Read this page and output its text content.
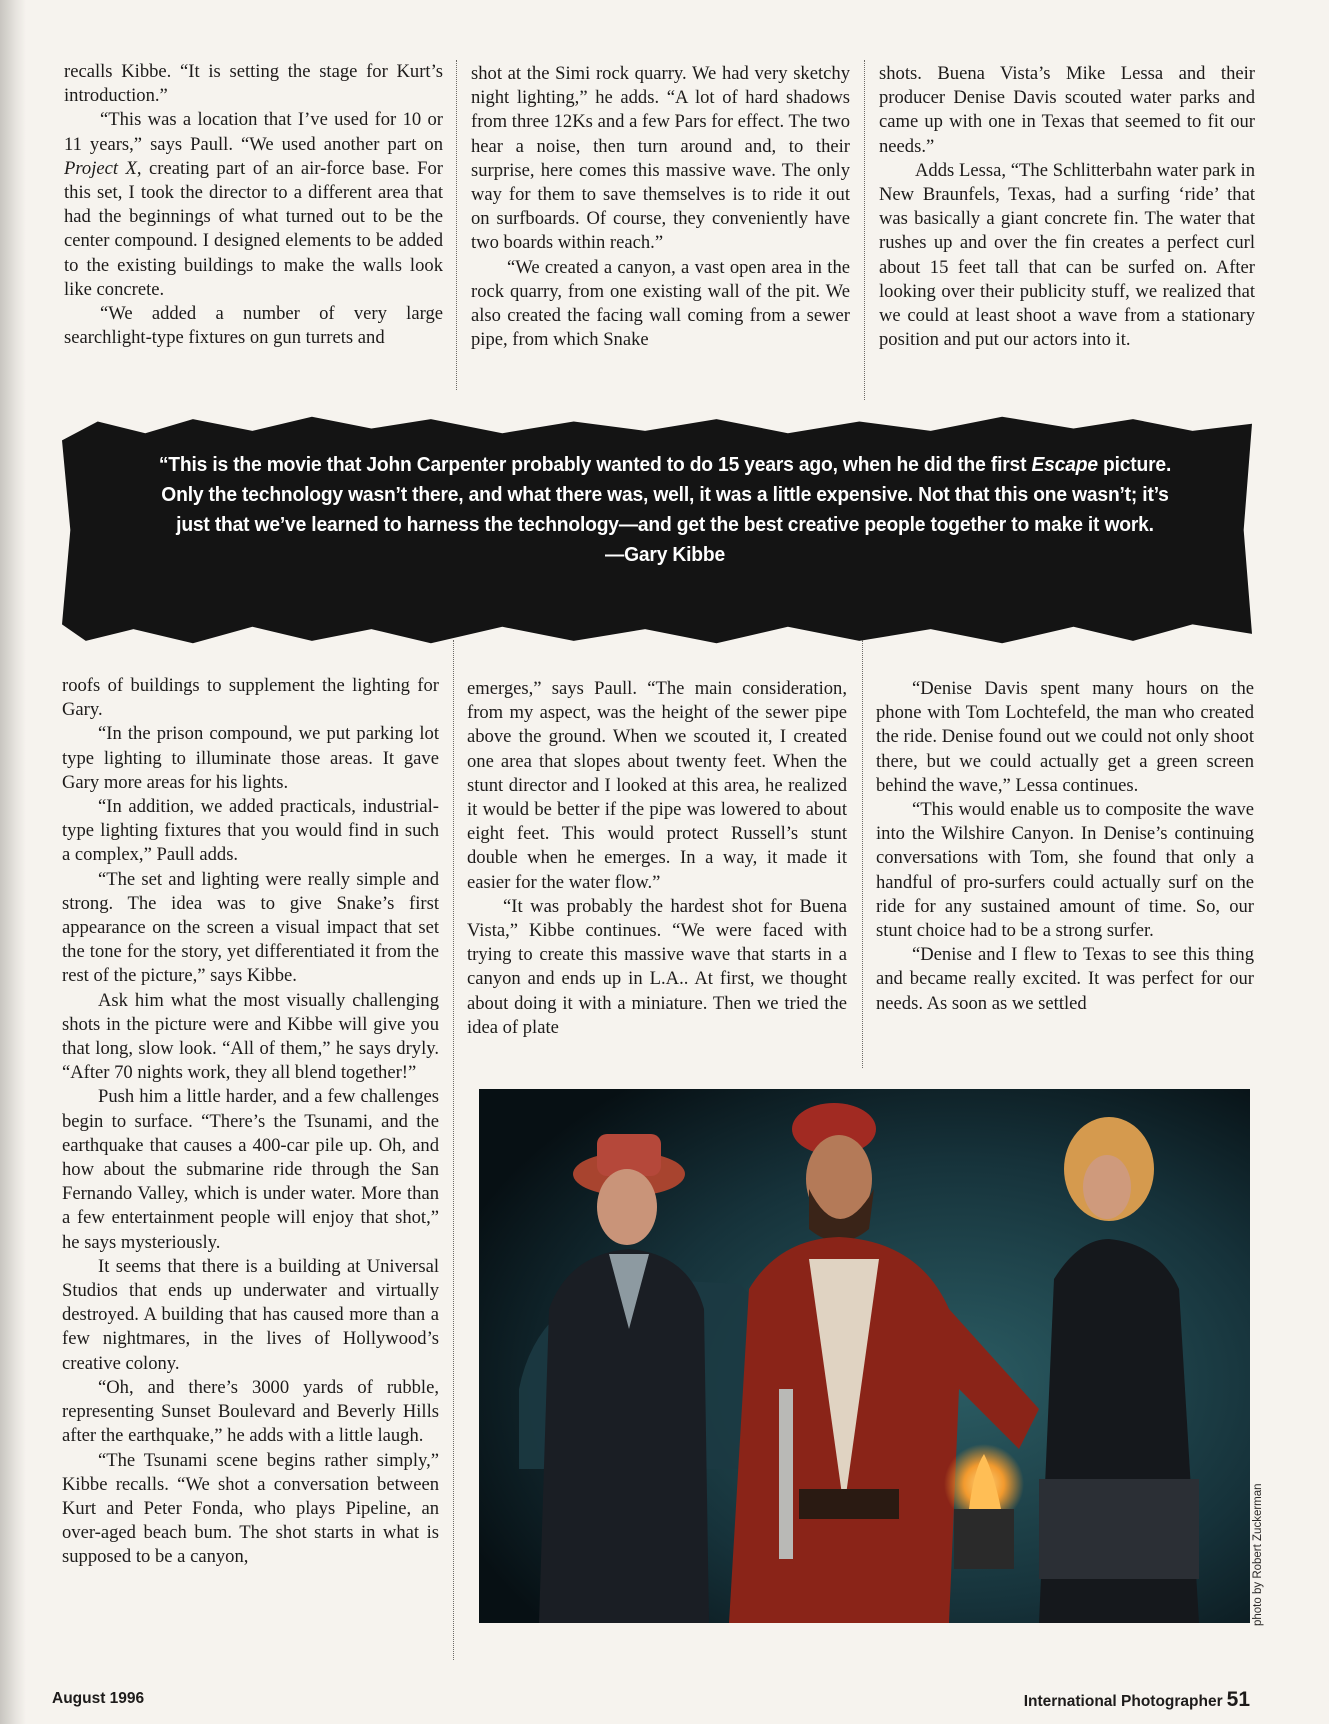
recalls Kibbe. “It is setting the stage for Kurt’s introduction.”

“This was a location that I’ve used for 10 or 11 years,” says Paull. “We used another part on Project X, creating part of an air-force base. For this set, I took the director to a different area that had the beginnings of what turned out to be the center compound. I designed elements to be added to the existing buildings to make the walls look like concrete.

“We added a number of very large searchlight-type fixtures on gun turrets and

shot at the Simi rock quarry. We had very sketchy night lighting,” he adds. “A lot of hard shadows from three 12Ks and a few Pars for effect. The two hear a noise, then turn around and, to their surprise, here comes this massive wave. The only way for them to save themselves is to ride it out on surfboards. Of course, they conveniently have two boards within reach.”

“We created a canyon, a vast open area in the rock quarry, from one existing wall of the pit. We also created the facing wall coming from a sewer pipe, from which Snake

shots. Buena Vista’s Mike Lessa and their producer Denise Davis scouted water parks and came up with one in Texas that seemed to fit our needs.”

Adds Lessa, “The Schlitterbahn water park in New Braunfels, Texas, had a surfing ‘ride’ that was basically a giant concrete fin. The water that rushes up and over the fin creates a perfect curl about 15 feet tall that can be surfed on. After looking over their publicity stuff, we realized that we could at least shoot a wave from a stationary position and put our actors into it.

“This is the movie that John Carpenter probably wanted to do 15 years ago, when he did the first Escape picture. Only the technology wasn’t there, and what there was, well, it was a little expensive. Not that this one wasn’t; it’s just that we’ve learned to harness the technology—and get the best creative people together to make it work.
—Gary Kibbe

roofs of buildings to supplement the lighting for Gary.

“In the prison compound, we put parking lot type lighting to illuminate those areas. It gave Gary more areas for his lights.

“In addition, we added practicals, industrial-type lighting fixtures that you would find in such a complex,” Paull adds.

“The set and lighting were really simple and strong. The idea was to give Snake’s first appearance on the screen a visual impact that set the tone for the story, yet differentiated it from the rest of the picture,” says Kibbe.

Ask him what the most visually challenging shots in the picture were and Kibbe will give you that long, slow look. “All of them,” he says dryly. “After 70 nights work, they all blend together!”

Push him a little harder, and a few challenges begin to surface. “There’s the Tsunami, and the earthquake that causes a 400-car pile up. Oh, and how about the submarine ride through the San Fernando Valley, which is under water. More than a few entertainment people will enjoy that shot,” he says mysteriously.

It seems that there is a building at Universal Studios that ends up underwater and virtually destroyed. A building that has caused more than a few nightmares, in the lives of Hollywood’s creative colony.

“Oh, and there’s 3000 yards of rubble, representing Sunset Boulevard and Beverly Hills after the earthquake,” he adds with a little laugh.

“The Tsunami scene begins rather simply,” Kibbe recalls. “We shot a conversation between Kurt and Peter Fonda, who plays Pipeline, an over-aged beach bum. The shot starts in what is supposed to be a canyon,

emerges,” says Paull. “The main consideration, from my aspect, was the height of the sewer pipe above the ground. When we scouted it, I created one area that slopes about twenty feet. When the stunt director and I looked at this area, he realized it would be better if the pipe was lowered to about eight feet. This would protect Russell’s stunt double when he emerges. In a way, it made it easier for the water flow.”

“It was probably the hardest shot for Buena Vista,” Kibbe continues. “We were faced with trying to create this massive wave that starts in a canyon and ends up in L.A.. At first, we thought about doing it with a miniature. Then we tried the idea of plate

“Denise Davis spent many hours on the phone with Tom Lochtefeld, the man who created the ride. Denise found out we could not only shoot there, but we could actually get a green screen behind the wave,” Lessa continues.

“This would enable us to composite the wave into the Wilshire Canyon. In Denise’s continuing conversations with Tom, she found that only a handful of pro-surfers could actually surf on the ride for any sustained amount of time. So, our stunt choice had to be a strong surfer.

“Denise and I flew to Texas to see this thing and became really excited. It was perfect for our needs. As soon as we settled

photo by Robert Zuckerman
August 1996	International Photographer 51
